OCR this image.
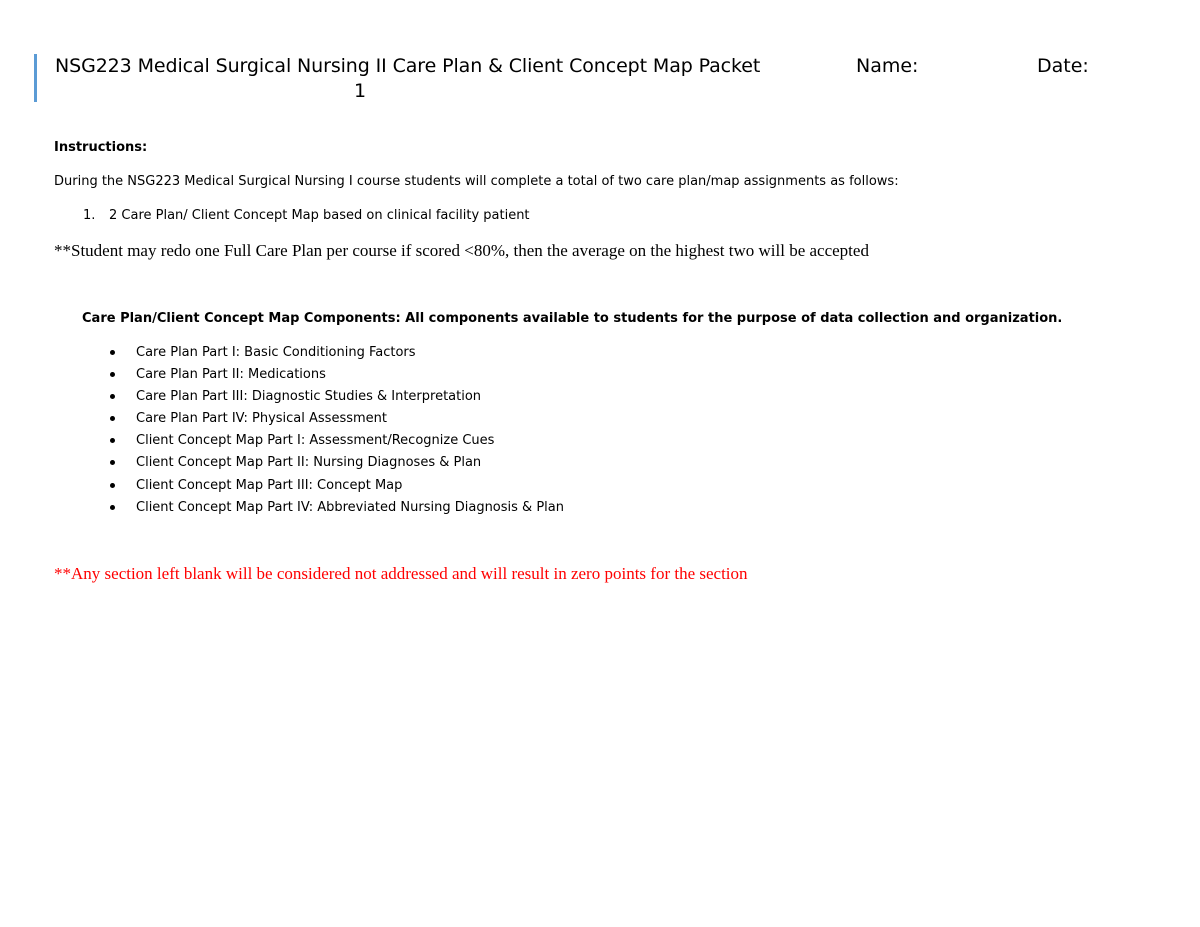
NSG223 Medical Surgical Nursing II Care Plan & Client Concept Map Packet
1
Name:	Date:
Instructions:
During the NSG223 Medical Surgical Nursing I course students will complete a total of two care plan/map assignments as follows:
1. 2 Care Plan/ Client Concept Map based on clinical facility patient
**Student may redo one Full Care Plan per course if scored <80%, then the average on the highest two will be accepted
Care Plan/Client Concept Map Components: All components available to students for the purpose of data collection and organization.
Care Plan Part I: Basic Conditioning Factors
Care Plan Part II: Medications
Care Plan Part III: Diagnostic Studies & Interpretation
Care Plan Part IV: Physical Assessment
Client Concept Map Part I: Assessment/Recognize Cues
Client Concept Map Part II: Nursing Diagnoses & Plan
Client Concept Map Part III: Concept Map
Client Concept Map Part IV: Abbreviated Nursing Diagnosis & Plan
**Any section left blank will be considered not addressed and will result in zero points for the section
